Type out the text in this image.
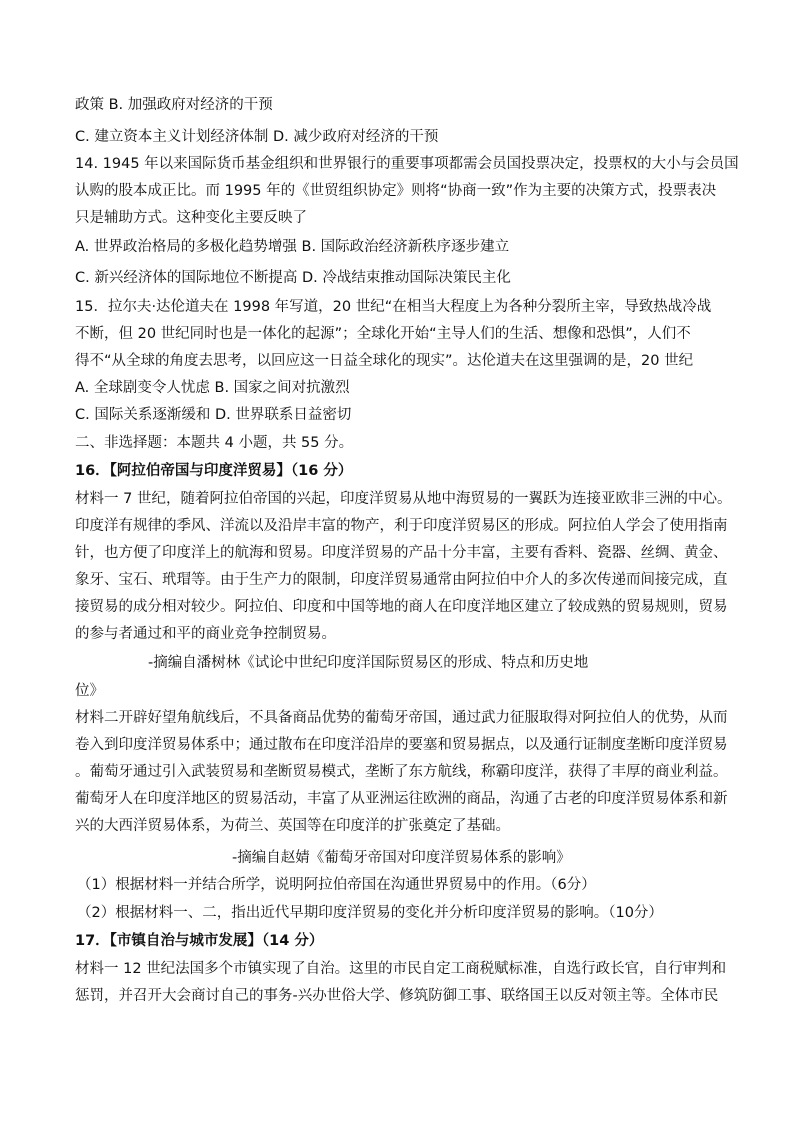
政策 B. 加强政府对经济的干预
C. 建立资本主义计划经济体制 D. 减少政府对经济的干预
14. 1945 年以来国际货币基金组织和世界银行的重要事项都需会员国投票决定，投票权的大小与会员国
认购的股本成正比。而 1995 年的《世贸组织协定》则将“协商一致”作为主要的决策方式，投票表决
只是辅助方式。这种变化主要反映了
A. 世界政治格局的多极化趋势增强 B. 国际政治经济新秩序逐步建立
C. 新兴经济体的国际地位不断提高 D. 冷战结束推动国际决策民主化
15．拉尔夫·达伦道夫在 1998 年写道，20 世纪“在相当大程度上为各种分裂所主宰，导致热战冷战
不断，但 20 世纪同时也是一体化的起源”；全球化开始“主导人们的生活、想像和恐惧”，人们不
得不“从全球的角度去思考，以回应这一日益全球化的现实”。达伦道夫在这里强调的是，20 世纪
A. 全球剧变令人忧虑 B. 国家之间对抗激烈
C. 国际关系逐渐缓和 D. 世界联系日益密切
二、非选择题：本题共 4 小题，共 55 分。
16．【阿拉伯帝国与印度洋贸易】（16 分）
材料一 7 世纪，随着阿拉伯帝国的兴起，印度洋贸易从地中海贸易的一翼跃为连接亚欧非三洲的中心。
印度洋有规律的季风、洋流以及沿岸丰富的物产，利于印度洋贸易区的形成。阿拉伯人学会了使用指南
针，也方便了印度洋上的航海和贸易。印度洋贸易的产品十分丰富，主要有香料、瓷器、丝绸、黄金、
象牙、宝石、玳瑁等。由于生产力的限制，印度洋贸易通常由阿拉伯中介人的多次传递而间接完成，直
接贸易的成分相对较少。阿拉伯、印度和中国等地的商人在印度洋地区建立了较成熟的贸易规则，贸易
的参与者通过和平的商业竞争控制贸易。
-摘编自潘树林《试论中世纪印度洋国际贸易区的形成、特点和历史地
位》
材料二开辟好望角航线后，不具备商品优势的葡萄牙帝国，通过武力征服取得对阿拉伯人的优势，从而
卷入到印度洋贸易体系中；通过散布在印度洋沿岸的要塞和贸易据点，以及通行证制度垄断印度洋贸易
。葡萄牙通过引入武装贸易和垄断贸易模式，垄断了东方航线，称霸印度洋，获得了丰厚的商业利益。
葡萄牙人在印度洋地区的贸易活动，丰富了从亚洲运往欧洲的商品，沟通了古老的印度洋贸易体系和新
兴的大西洋贸易体系，为荷兰、英国等在印度洋的扩张奠定了基础。
-摘编自赵婧《葡萄牙帝国对印度洋贸易体系的影响》
（1）根据材料一并结合所学，说明阿拉伯帝国在沟通世界贸易中的作用。（6分）
（2）根据材料一、二，指出近代早期印度洋贸易的变化并分析印度洋贸易的影响。（10分）
17．【市镇自治与城市发展】（14 分）
材料一 12 世纪法国多个市镇实现了自治。这里的市民自定工商税赋标准，自选行政长官，自行审判和
惩罚，并召开大会商讨自己的事务-兴办世俗大学、修筑防御工事、联络国王以反对领主等。全体市民
